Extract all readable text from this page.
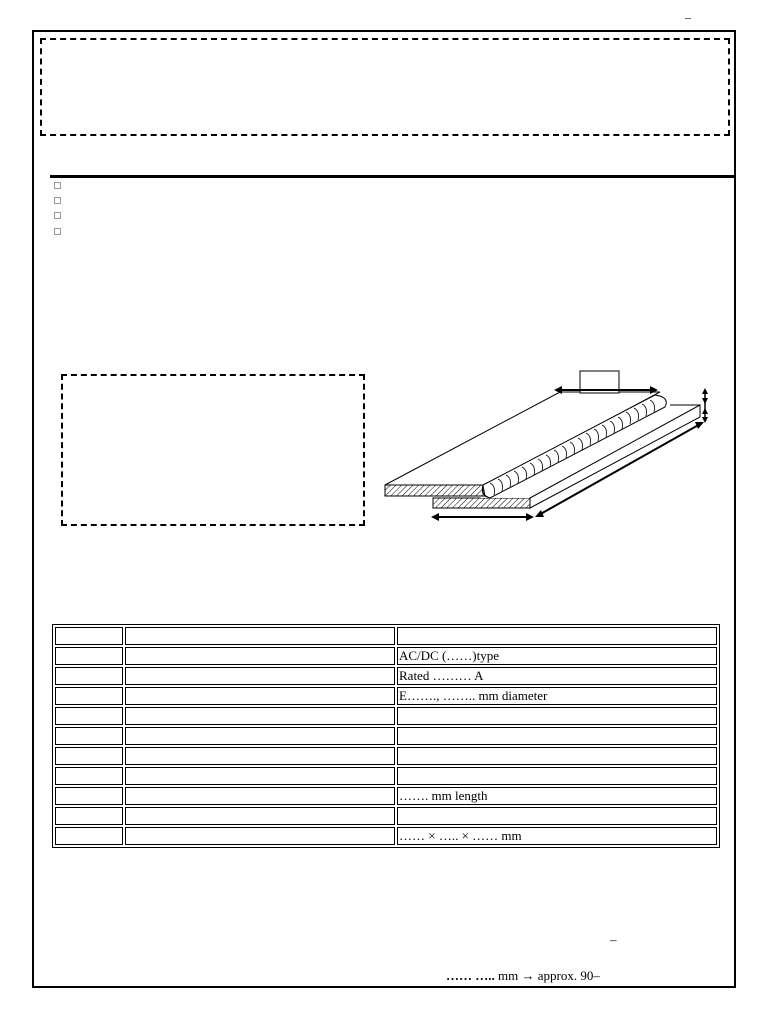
–

		AC/DC (……)type
		Rated ……… A
		E……., …….. mm diameter

		……. mm length

		…… × ….. × …… mm
–
…… ….. mm → approx. 90–
